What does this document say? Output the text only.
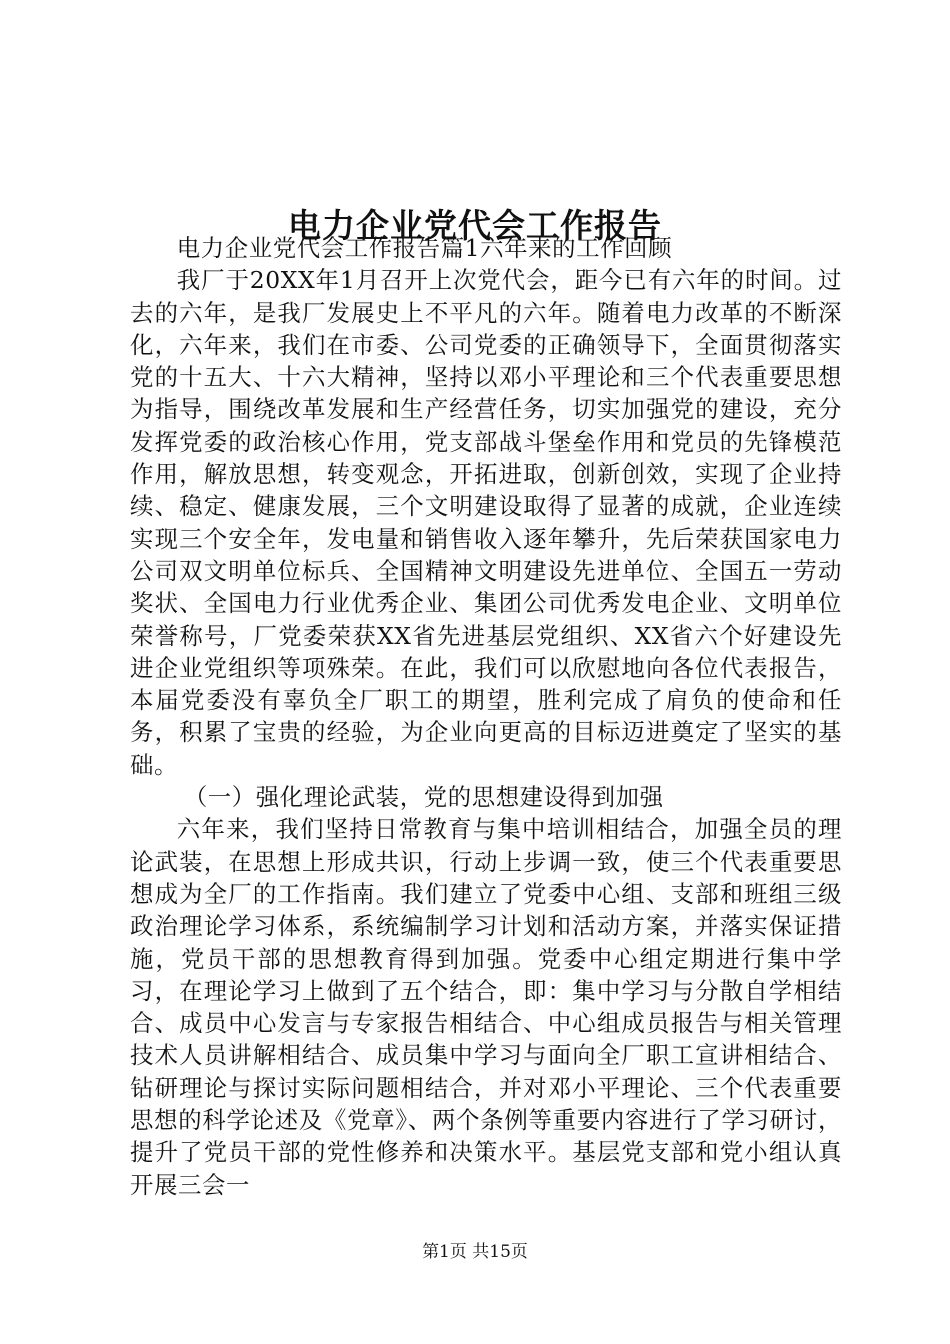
电力企业党代会工作报告

电力企业党代会工作报告篇1六年来的工作回顾

我厂于20XX年1月召开上次党代会，距今已有六年的时间。过去的六年，是我厂发展史上不平凡的六年。随着电力改革的不断深化，六年来，我们在市委、公司党委的正确领导下，全面贯彻落实党的十五大、十六大精神，坚持以邓小平理论和三个代表重要思想为指导，围绕改革发展和生产经营任务，切实加强党的建设，充分发挥党委的政治核心作用，党支部战斗堡垒作用和党员的先锋模范作用，解放思想，转变观念，开拓进取，创新创效，实现了企业持续、稳定、健康发展，三个文明建设取得了显著的成就，企业连续实现三个安全年，发电量和销售收入逐年攀升，先后荣获国家电力公司双文明单位标兵、全国精神文明建设先进单位、全国五一劳动奖状、全国电力行业优秀企业、集团公司优秀发电企业、文明单位荣誉称号，厂党委荣获XX省先进基层党组织、XX省六个好建设先进企业党组织等项殊荣。在此，我们可以欣慰地向各位代表报告，本届党委没有辜负全厂职工的期望，胜利完成了肩负的使命和任务，积累了宝贵的经验，为企业向更高的目标迈进奠定了坚实的基础。

（一）强化理论武装，党的思想建设得到加强

六年来，我们坚持日常教育与集中培训相结合，加强全员的理论武装，在思想上形成共识，行动上步调一致，使三个代表重要思想成为全厂的工作指南。我们建立了党委中心组、支部和班组三级政治理论学习体系，系统编制学习计划和活动方案，并落实保证措施，党员干部的思想教育得到加强。党委中心组定期进行集中学习，在理论学习上做到了五个结合，即：集中学习与分散自学相结合、成员中心发言与专家报告相结合、中心组成员报告与相关管理技术人员讲解相结合、成员集中学习与面向全厂职工宣讲相结合、钻研理论与探讨实际问题相结合，并对邓小平理论、三个代表重要思想的科学论述及《党章》、两个条例等重要内容进行了学习研讨，提升了党员干部的党性修养和决策水平。基层党支部和党小组认真开展三会一

第1页 共15页
